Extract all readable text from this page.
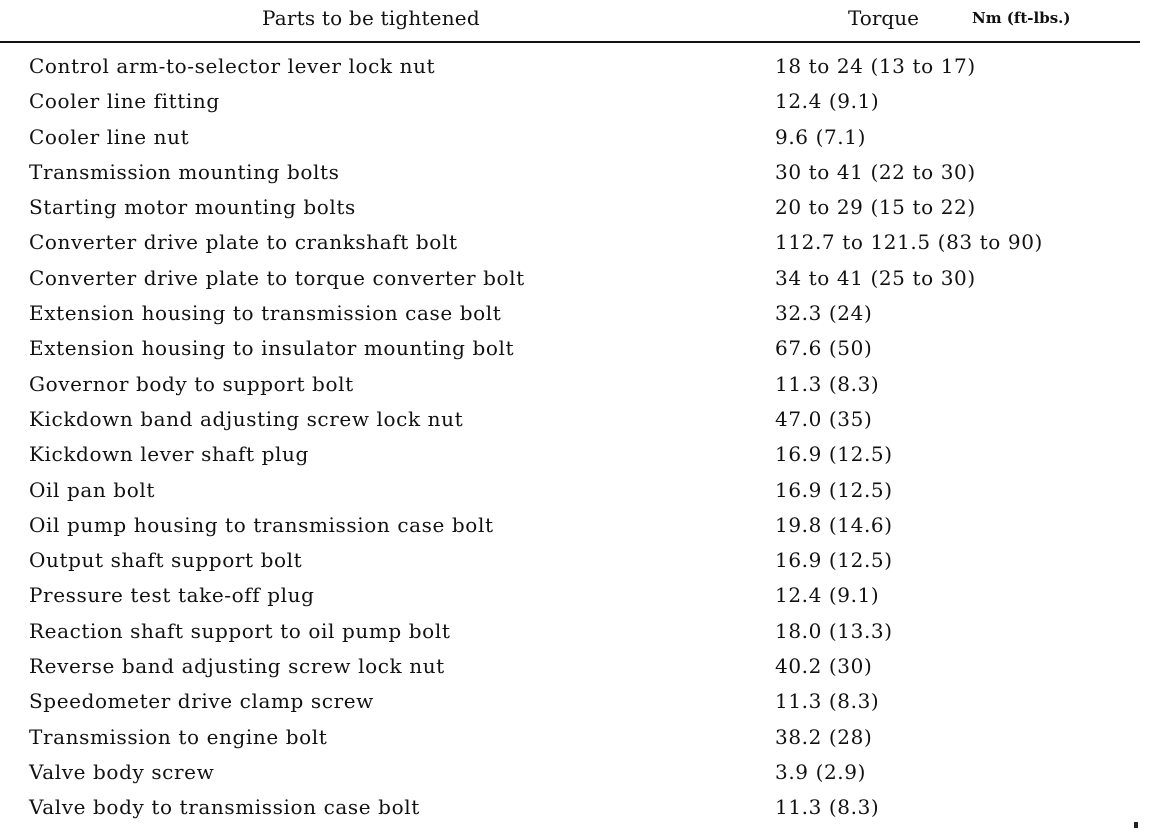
Parts to be tightened	Torque	Nm (ft-lbs.)
Control arm-to-selector lever lock nut	18 to 24 (13 to 17)
Cooler line fitting	12.4 (9.1)
Cooler line nut	9.6 (7.1)
Transmission mounting bolts	30 to 41 (22 to 30)
Starting motor mounting bolts	20 to 29 (15 to 22)
Converter drive plate to crankshaft bolt	112.7 to 121.5 (83 to 90)
Converter drive plate to torque converter bolt	34 to 41 (25 to 30)
Extension housing to transmission case bolt	32.3 (24)
Extension housing to insulator mounting bolt	67.6 (50)
Governor body to support bolt	11.3 (8.3)
Kickdown band adjusting screw lock nut	47.0 (35)
Kickdown lever shaft plug	16.9 (12.5)
Oil pan bolt	16.9 (12.5)
Oil pump housing to transmission case bolt	19.8 (14.6)
Output shaft support bolt	16.9 (12.5)
Pressure test take-off plug	12.4 (9.1)
Reaction shaft support to oil pump bolt	18.0 (13.3)
Reverse band adjusting screw lock nut	40.2 (30)
Speedometer drive clamp screw	11.3 (8.3)
Transmission to engine bolt	38.2 (28)
Valve body screw	3.9 (2.9)
Valve body to transmission case bolt	11.3 (8.3)
